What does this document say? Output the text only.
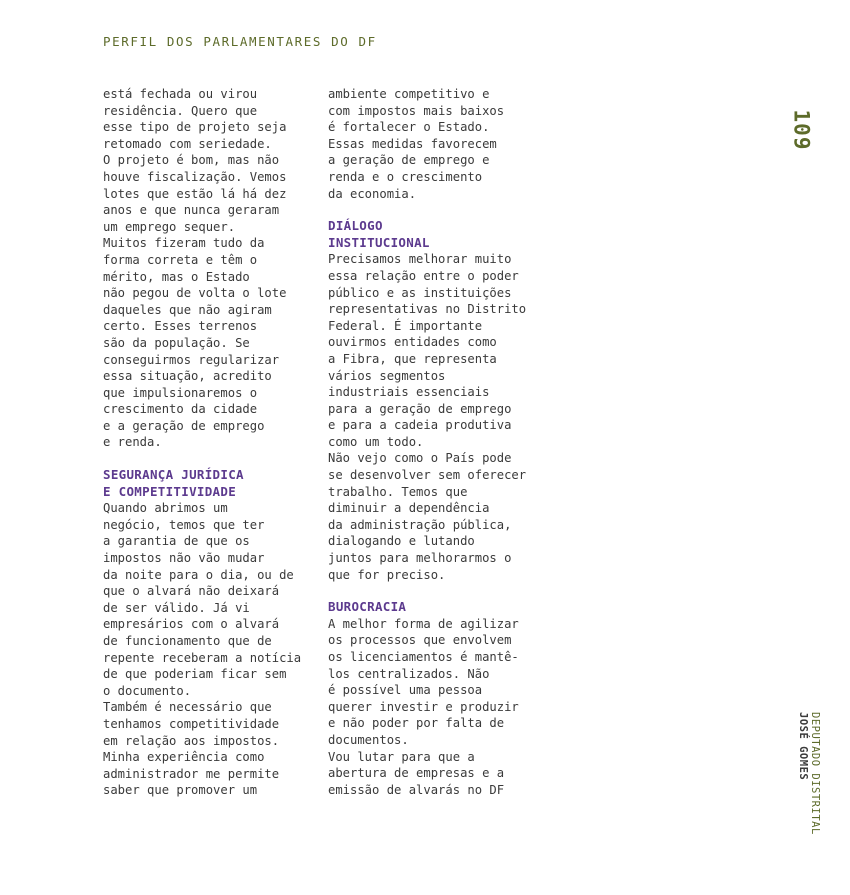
PERFIL DOS PARLAMENTARES DO DF
109
DEPUTADO DISTRITAL
JOSÉ GOMES

está fechada ou virou
residência. Quero que
esse tipo de projeto seja
retomado com seriedade.
O projeto é bom, mas não
houve fiscalização. Vemos
lotes que estão lá há dez
anos e que nunca geraram
um emprego sequer.
Muitos fizeram tudo da
forma correta e têm o
mérito, mas o Estado
não pegou de volta o lote
daqueles que não agiram
certo. Esses terrenos
são da população. Se
conseguirmos regularizar
essa situação, acredito
que impulsionaremos o
crescimento da cidade
e a geração de emprego
e renda.

SEGURANÇA JURÍDICA
E COMPETITIVIDADE

Quando abrimos um
negócio, temos que ter
a garantia de que os
impostos não vão mudar
da noite para o dia, ou de
que o alvará não deixará
de ser válido. Já vi
empresários com o alvará
de funcionamento que de
repente receberam a notícia
de que poderiam ficar sem
o documento.
Também é necessário que
tenhamos competitividade
em relação aos impostos.
Minha experiência como
administrador me permite
saber que promover um

ambiente competitivo e
com impostos mais baixos
é fortalecer o Estado.
Essas medidas favorecem
a geração de emprego e
renda e o crescimento
da economia.

DIÁLOGO
INSTITUCIONAL

Precisamos melhorar muito
essa relação entre o poder
público e as instituições
representativas no Distrito
Federal. É importante
ouvirmos entidades como
a Fibra, que representa
vários segmentos
industriais essenciais
para a geração de emprego
e para a cadeia produtiva
como um todo.
Não vejo como o País pode
se desenvolver sem oferecer
trabalho. Temos que
diminuir a dependência
da administração pública,
dialogando e lutando
juntos para melhorarmos o
que for preciso.

BUROCRACIA

A melhor forma de agilizar
os processos que envolvem
os licenciamentos é mantê-
los centralizados. Não
é possível uma pessoa
querer investir e produzir
e não poder por falta de
documentos.
Vou lutar para que a
abertura de empresas e a
emissão de alvarás no DF
